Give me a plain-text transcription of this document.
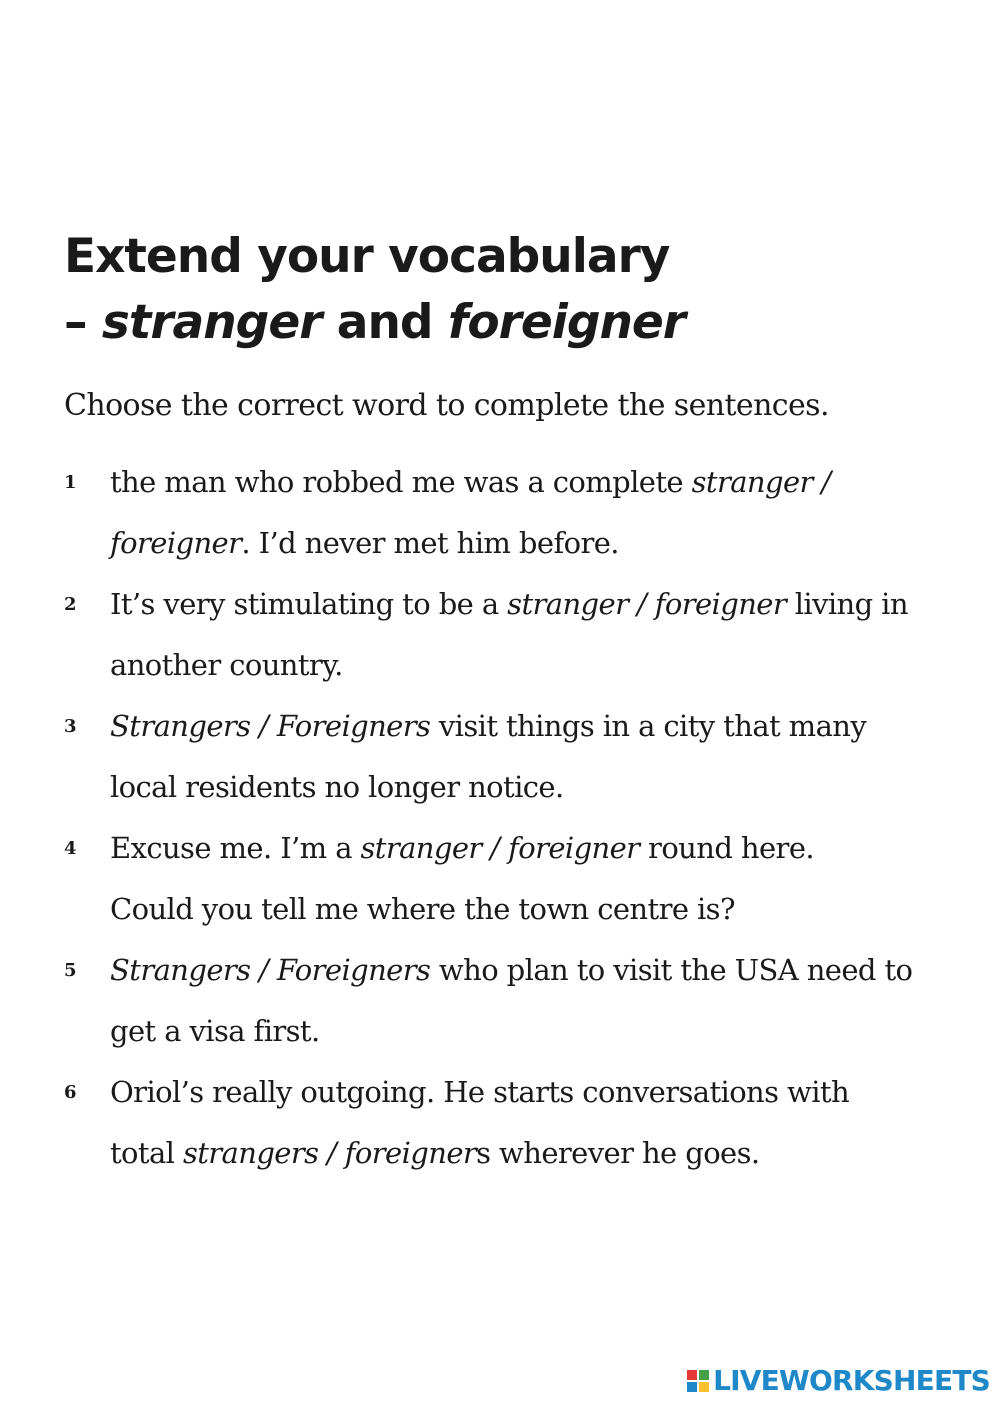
Extend your vocabulary
– stranger and foreigner

Choose the correct word to complete the sentences.

1	the man who robbed me was a complete stranger /
foreigner. I’d never met him before.
2	It’s very stimulating to be a stranger / foreigner living in
another country.
3	Strangers / Foreigners visit things in a city that many
local residents no longer notice.
4	Excuse me. I’m a stranger / foreigner round here.
Could you tell me where the town centre is?
5	Strangers / Foreigners who plan to visit the USA need to
get a visa first.
6	Oriol’s really outgoing. He starts conversations with
total strangers / foreigners wherever he goes.
LIVEWORKSHEETS
